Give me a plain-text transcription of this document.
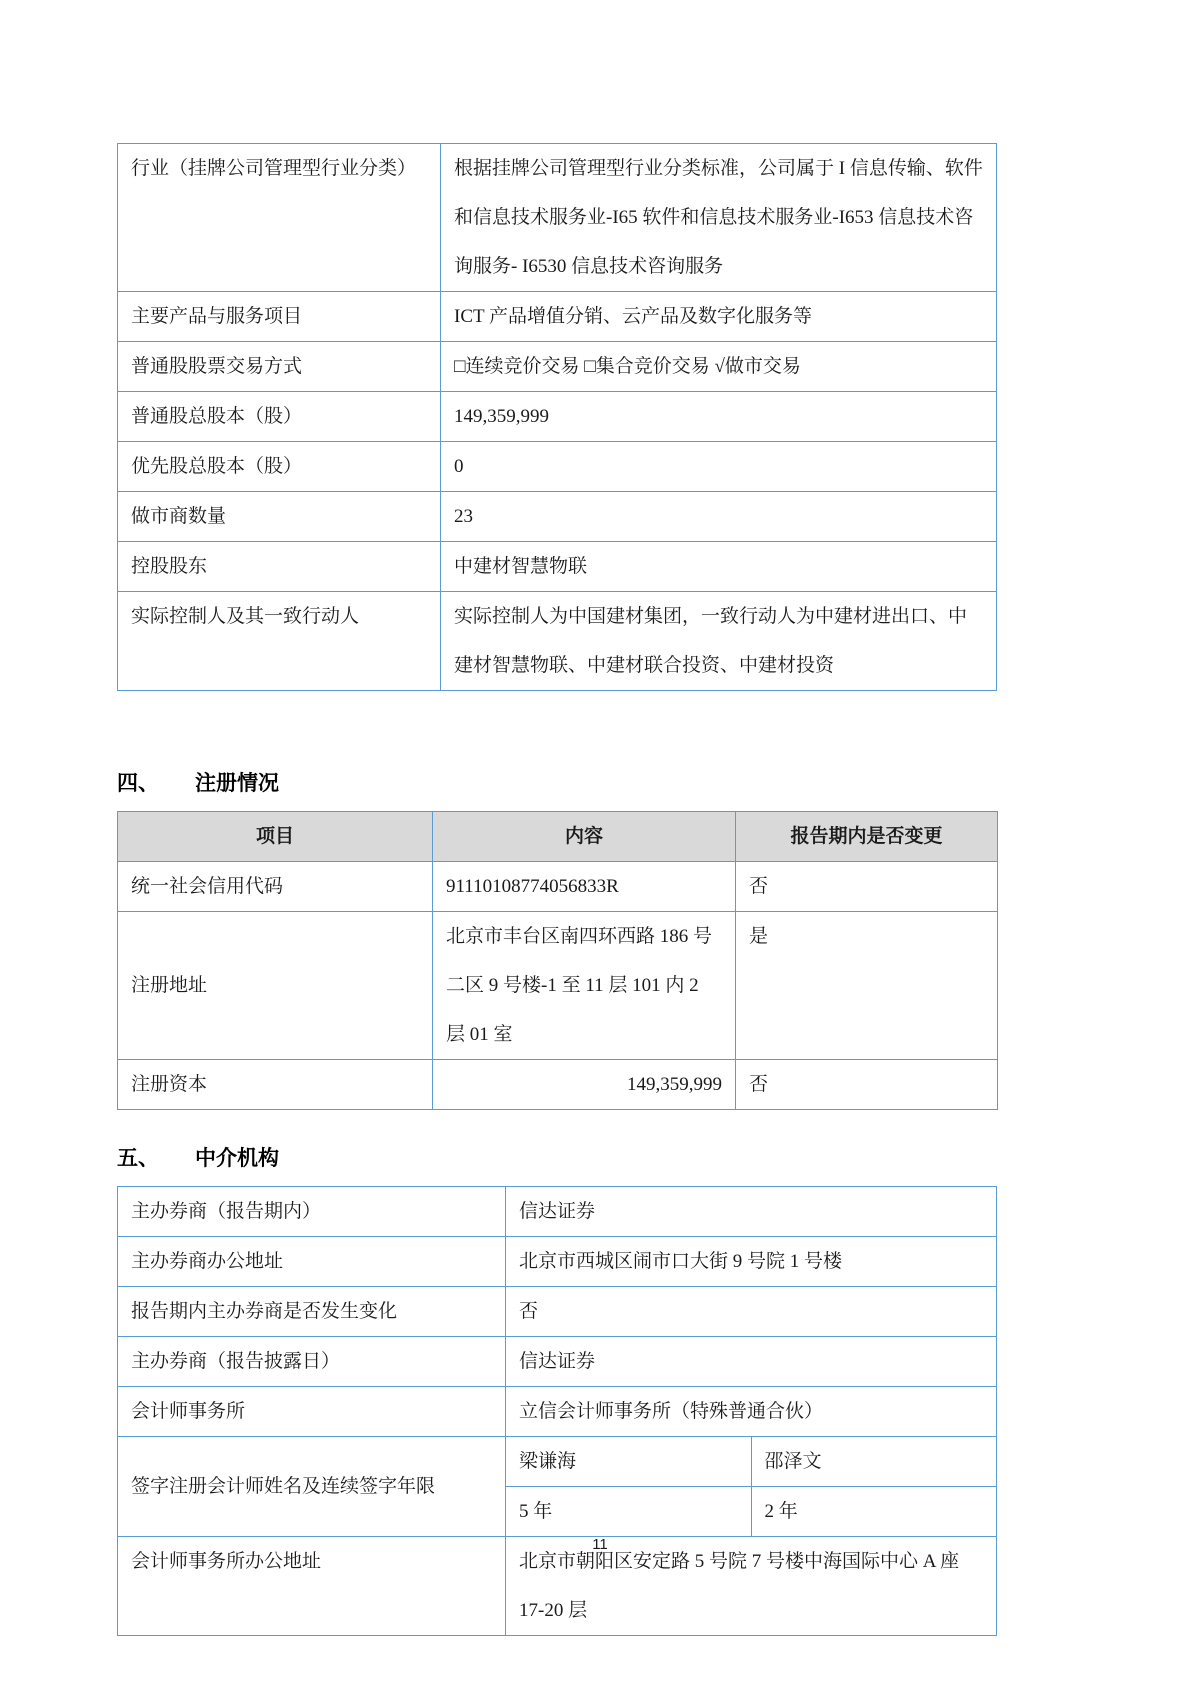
行业（挂牌公司管理型行业分类）	根据挂牌公司管理型行业分类标准，公司属于 I 信息传输、软件和信息技术服务业-I65 软件和信息技术服务业-I653 信息技术咨询服务- I6530 信息技术咨询服务
主要产品与服务项目	ICT 产品增值分销、云产品及数字化服务等
普通股股票交易方式	□连续竞价交易 □集合竞价交易 √做市交易
普通股总股本（股）	149,359,999
优先股总股本（股）	0
做市商数量	23
控股股东	中建材智慧物联
实际控制人及其一致行动人	实际控制人为中国建材集团，一致行动人为中建材进出口、中建材智慧物联、中建材联合投资、中建材投资
四、 注册情况
项目	内容	报告期内是否变更
统一社会信用代码	91110108774056833R	否
注册地址	北京市丰台区南四环西路 186 号二区 9 号楼-1 至 11 层 101 内 2 层 01 室	是
注册资本	149,359,999	否
五、 中介机构
主办券商（报告期内）	信达证券	
主办券商办公地址	北京市西城区闹市口大街 9 号院 1 号楼	
报告期内主办券商是否发生变化	否	
主办券商（报告披露日）	信达证券	
会计师事务所	立信会计师事务所（特殊普通合伙）	
签字注册会计师姓名及连续签字年限	梁谦海	邵泽文
	5 年	2 年
会计师事务所办公地址	北京市朝阳区安定路 5 号院 7 号楼中海国际中心 A 座 17-20 层	
11
